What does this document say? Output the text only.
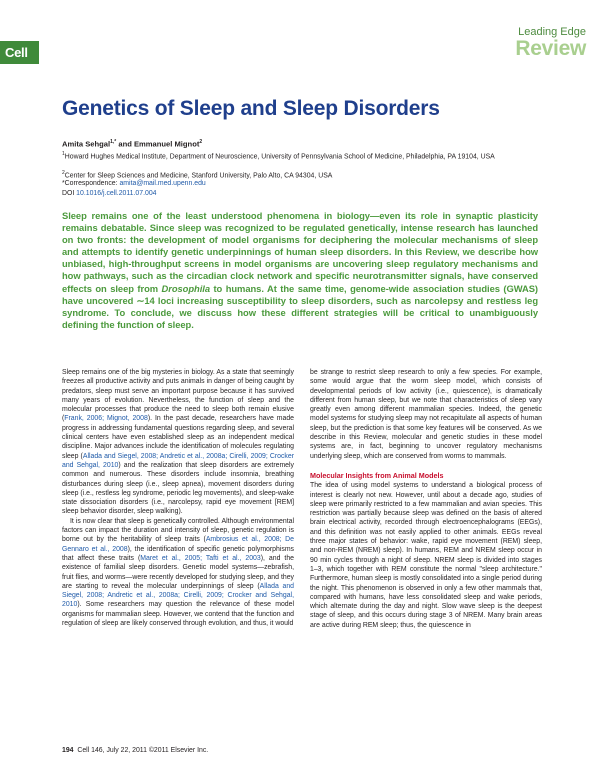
Cell
Leading Edge
Review
Genetics of Sleep and Sleep Disorders
Amita Sehgal$^{1,*}$ and Emmanuel Mignot$^2$
$^1$Howard Hughes Medical Institute, Department of Neuroscience, University of Pennsylvania School of Medicine, Philadelphia, PA 19104, USA
$^2$Center for Sleep Sciences and Medicine, Stanford University, Palo Alto, CA 94304, USA
*Correspondence: amita@mail.med.upenn.edu
DOI 10.1016/j.cell.2011.07.004
Sleep remains one of the least understood phenomena in biology—even its role in synaptic plasticity remains debatable. Since sleep was recognized to be regulated genetically, intense research has launched on two fronts: the development of model organisms for deciphering the molecular mechanisms of sleep and attempts to identify genetic underpinnings of human sleep disorders. In this Review, we describe how unbiased, high-throughput screens in model organisms are uncovering sleep regulatory mechanisms and how pathways, such as the circadian clock network and specific neurotransmitter signals, have conserved effects on sleep from Drosophila to humans. At the same time, genome-wide association studies (GWAS) have uncovered ∼14 loci increasing susceptibility to sleep disorders, such as narcolepsy and restless leg syndrome. To conclude, we discuss how these different strategies will be critical to unambiguously defining the function of sleep.

Sleep remains one of the big mysteries in biology. As a state that seemingly freezes all productive activity and puts animals in danger of being caught by predators, sleep must serve an important purpose because it has survived many years of evolution. Nevertheless, the function of sleep and the molecular processes that produce the need to sleep both remain elusive (Frank, 2006; Mignot, 2008). In the past decade, researchers have made progress in addressing fundamental questions regarding sleep, and several clinical centers have even established sleep as an independent medical discipline. Major advances include the identification of molecules regulating sleep (Allada and Siegel, 2008; Andretic et al., 2008a; Cirelli, 2009; Crocker and Sehgal, 2010) and the realization that sleep disorders are extremely common and numerous. These disorders include insomnia, breathing disturbances during sleep (i.e., sleep apnea), movement disorders during sleep (i.e., restless leg syndrome, periodic leg movements), and sleep-wake state dissociation disorders (i.e., narcolepsy, rapid eye movement [REM] sleep behavior disorder, sleep walking).

It is now clear that sleep is genetically controlled. Although environmental factors can impact the duration and intensity of sleep, genetic regulation is borne out by the heritability of sleep traits (Ambrosius et al., 2008; De Gennaro et al., 2008), the identification of specific genetic polymorphisms that affect these traits (Maret et al., 2005; Tafti et al., 2003), and the existence of familial sleep disorders. Genetic model systems—zebrafish, fruit flies, and worms—were recently developed for studying sleep, and they are starting to reveal the molecular underpinnings of sleep (Allada and Siegel, 2008; Andretic et al., 2008a; Cirelli, 2009; Crocker and Sehgal, 2010). Some researchers may question the relevance of these model organisms for mammalian sleep. However, we contend that the function and regulation of sleep are likely conserved through evolution, and thus, it would

be strange to restrict sleep research to only a few species. For example, some would argue that the worm sleep model, which consists of developmental periods of low activity (i.e., quiescence), is dramatically different from human sleep, but we note that characteristics of sleep vary greatly even among different mammalian species. Indeed, the genetic model systems for studying sleep may not recapitulate all aspects of human sleep, but the prediction is that some key features will be conserved. As we describe in this Review, molecular and genetic studies in these model systems are, in fact, beginning to uncover regulatory mechanisms underlying sleep, which are conserved from worms to mammals.

Molecular Insights from Animal Models

The idea of using model systems to understand a biological process of interest is clearly not new. However, until about a decade ago, studies of sleep were primarily restricted to a few mammalian and avian species. This restriction was partially because sleep was defined on the basis of altered brain electrical activity, recorded through electroencephalograms (EEGs), and this definition was not easily applied to other animals. EEGs reveal three major states of behavior: wake, rapid eye movement (REM) sleep, and non-REM (NREM) sleep). In humans, REM and NREM sleep occur in 90 min cycles through a night of sleep. NREM sleep is divided into stages 1–3, which together with REM constitute the normal "sleep architecture." Furthermore, human sleep is mostly consolidated into a single period during the night. This phenomenon is observed in only a few other mammals that, compared with humans, have less consolidated sleep and wake periods, which alternate during the day and night. Slow wave sleep is the deepest stage of sleep, and this occurs during stage 3 of NREM. Many brain areas are active during REM sleep; thus, the quiescence in

194 Cell 146, July 22, 2011 ©2011 Elsevier Inc.
